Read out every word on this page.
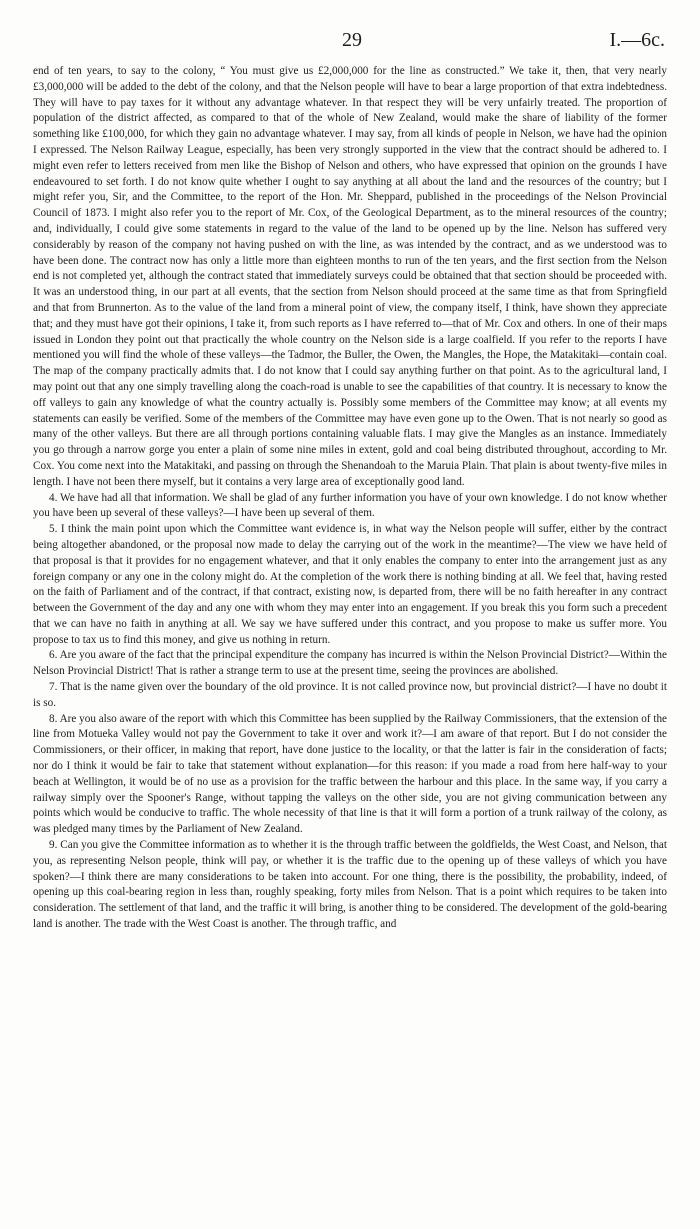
29	I.—6c.

end of ten years, to say to the colony, “ You must give us £2,000,000 for the line as constructed.” We take it, then, that very nearly £3,000,000 will be added to the debt of the colony, and that the Nelson people will have to bear a large proportion of that extra indebtedness. They will have to pay taxes for it without any advantage whatever. In that respect they will be very unfairly treated. The proportion of population of the district affected, as compared to that of the whole of New Zealand, would make the share of liability of the former something like £100,000, for which they gain no advantage whatever. I may say, from all kinds of people in Nelson, we have had the opinion I expressed. The Nelson Railway League, especially, has been very strongly supported in the view that the contract should be adhered to. I might even refer to letters received from men like the Bishop of Nelson and others, who have expressed that opinion on the grounds I have endeavoured to set forth. I do not know quite whether I ought to say anything at all about the land and the resources of the country; but I might refer you, Sir, and the Committee, to the report of the Hon. Mr. Sheppard, published in the proceedings of the Nelson Provincial Council of 1873. I might also refer you to the report of Mr. Cox, of the Geological Department, as to the mineral resources of the country; and, individually, I could give some statements in regard to the value of the land to be opened up by the line. Nelson has suffered very considerably by reason of the company not having pushed on with the line, as was intended by the contract, and as we understood was to have been done. The contract now has only a little more than eighteen months to run of the ten years, and the first section from the Nelson end is not completed yet, although the contract stated that immediately surveys could be obtained that that section should be proceeded with. It was an understood thing, in our part at all events, that the section from Nelson should proceed at the same time as that from Springfield and that from Brunnerton. As to the value of the land from a mineral point of view, the company itself, I think, have shown they appreciate that; and they must have got their opinions, I take it, from such reports as I have referred to—that of Mr. Cox and others. In one of their maps issued in London they point out that practically the whole country on the Nelson side is a large coalfield. If you refer to the reports I have mentioned you will find the whole of these valleys—the Tadmor, the Buller, the Owen, the Mangles, the Hope, the Matakitaki—contain coal. The map of the company practically admits that. I do not know that I could say anything further on that point. As to the agricultural land, I may point out that any one simply travelling along the coach-road is unable to see the capabilities of that country. It is necessary to know the off valleys to gain any knowledge of what the country actually is. Possibly some members of the Committee may know; at all events my statements can easily be verified. Some of the members of the Committee may have even gone up to the Owen. That is not nearly so good as many of the other valleys. But there are all through portions containing valuable flats. I may give the Mangles as an instance. Immediately you go through a narrow gorge you enter a plain of some nine miles in extent, gold and coal being distributed throughout, according to Mr. Cox. You come next into the Matakitaki, and passing on through the Shenandoah to the Maruia Plain. That plain is about twenty-five miles in length. I have not been there myself, but it contains a very large area of exceptionally good land.

4. We have had all that information. We shall be glad of any further information you have of your own knowledge. I do not know whether you have been up several of these valleys?—I have been up several of them.

5. I think the main point upon which the Committee want evidence is, in what way the Nelson people will suffer, either by the contract being altogether abandoned, or the proposal now made to delay the carrying out of the work in the meantime?—The view we have held of that proposal is that it provides for no engagement whatever, and that it only enables the company to enter into the arrangement just as any foreign company or any one in the colony might do. At the completion of the work there is nothing binding at all. We feel that, having rested on the faith of Parliament and of the contract, if that contract, existing now, is departed from, there will be no faith hereafter in any contract between the Government of the day and any one with whom they may enter into an engagement. If you break this you form such a precedent that we can have no faith in anything at all. We say we have suffered under this contract, and you propose to make us suffer more. You propose to tax us to find this money, and give us nothing in return.

6. Are you aware of the fact that the principal expenditure the company has incurred is within the Nelson Provincial District?—Within the Nelson Provincial District! That is rather a strange term to use at the present time, seeing the provinces are abolished.

7. That is the name given over the boundary of the old province. It is not called province now, but provincial district?—I have no doubt it is so.

8. Are you also aware of the report with which this Committee has been supplied by the Railway Commissioners, that the extension of the line from Motueka Valley would not pay the Government to take it over and work it?—I am aware of that report. But I do not consider the Commissioners, or their officer, in making that report, have done justice to the locality, or that the latter is fair in the consideration of facts; nor do I think it would be fair to take that statement without explanation—for this reason: if you made a road from here half-way to your beach at Wellington, it would be of no use as a provision for the traffic between the harbour and this place. In the same way, if you carry a railway simply over the Spooner's Range, without tapping the valleys on the other side, you are not giving communication between any points which would be conducive to traffic. The whole necessity of that line is that it will form a portion of a trunk railway of the colony, as was pledged many times by the Parliament of New Zealand.

9. Can you give the Committee information as to whether it is the through traffic between the goldfields, the West Coast, and Nelson, that you, as representing Nelson people, think will pay, or whether it is the traffic due to the opening up of these valleys of which you have spoken?—I think there are many considerations to be taken into account. For one thing, there is the possibility, the probability, indeed, of opening up this coal-bearing region in less than, roughly speaking, forty miles from Nelson. That is a point which requires to be taken into consideration. The settlement of that land, and the traffic it will bring, is another thing to be considered. The development of the gold-bearing land is another. The trade with the West Coast is another. The through traffic, and
